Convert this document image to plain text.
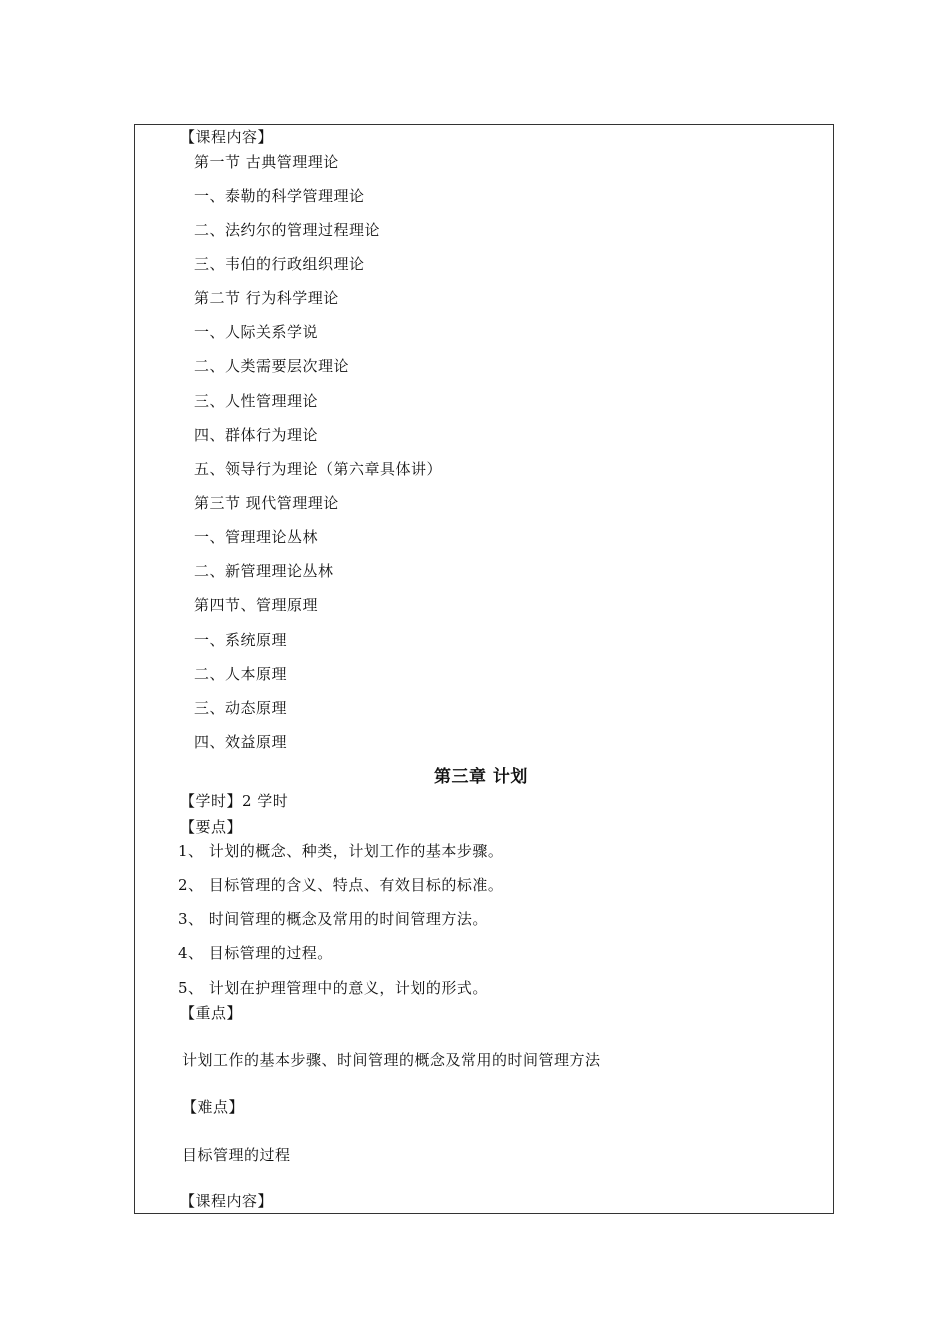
【课程内容】
第一节 古典管理理论
一、泰勒的科学管理理论
二、法约尔的管理过程理论
三、韦伯的行政组织理论
第二节 行为科学理论
一、人际关系学说
二、人类需要层次理论
三、人性管理理论
四、群体行为理论
五、领导行为理论（第六章具体讲）
第三节 现代管理理论
一、管理理论丛林
二、新管理理论丛林
第四节、管理原理
一、系统原理
二、人本原理
三、动态原理
四、效益原理
第三章 计划
【学时】2 学时
【要点】
1、 计划的概念、种类，计划工作的基本步骤。
2、 目标管理的含义、特点、有效目标的标准。
3、 时间管理的概念及常用的时间管理方法。
4、 目标管理的过程。
5、 计划在护理管理中的意义，计划的形式。
【重点】
计划工作的基本步骤、时间管理的概念及常用的时间管理方法
【难点】
目标管理的过程
【课程内容】
